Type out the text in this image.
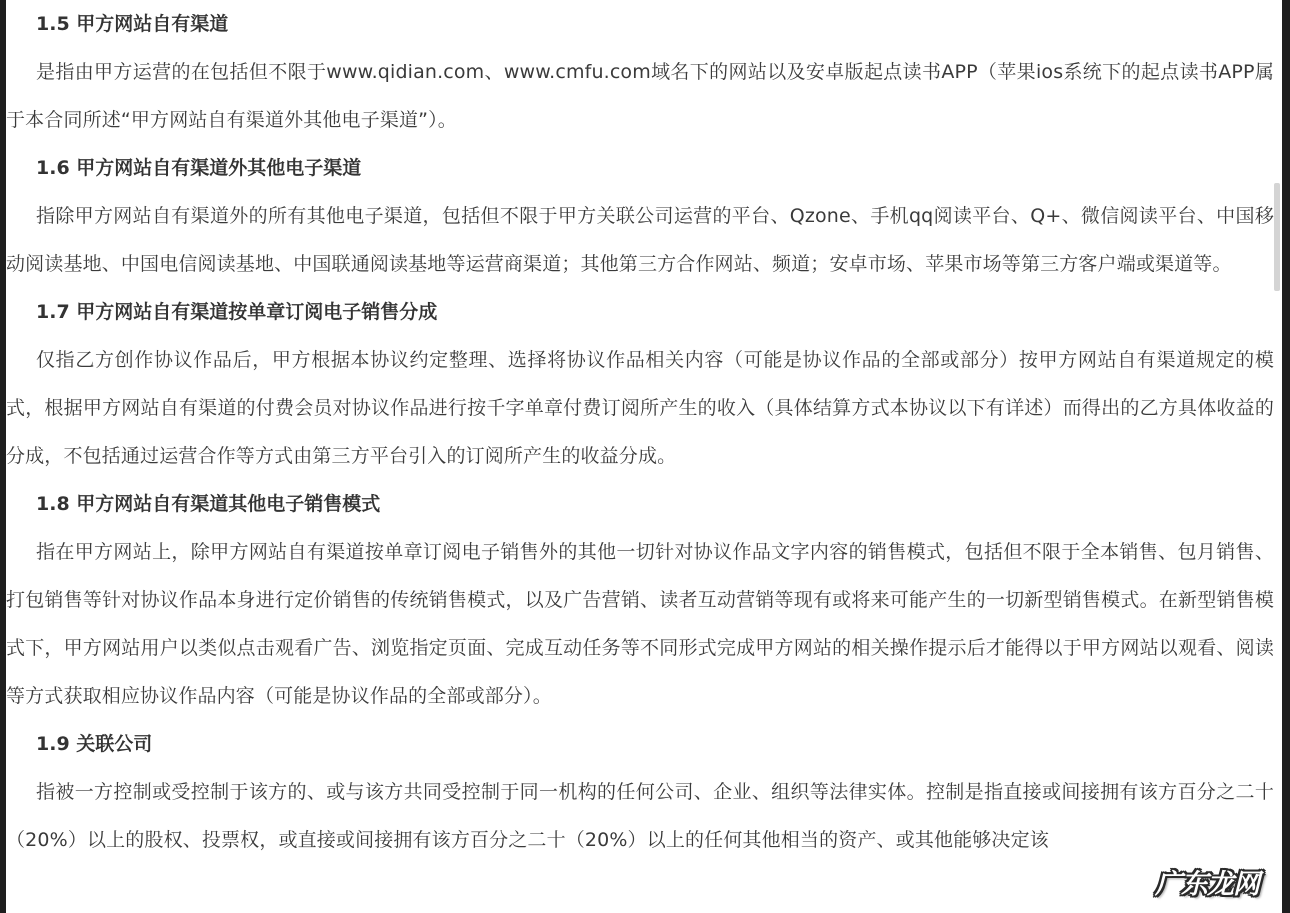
1.5 甲方网站自有渠道

是指由甲方运营的在包括但不限于www.qidian.com、www.cmfu.com域名下的网站以及安卓版起点读书APP（苹果ios系统下的起点读书APP属于本合同所述“甲方网站自有渠道外其他电子渠道”）。

1.6 甲方网站自有渠道外其他电子渠道

指除甲方网站自有渠道外的所有其他电子渠道，包括但不限于甲方关联公司运营的平台、Qzone、手机qq阅读平台、Q+、微信阅读平台、中国移动阅读基地、中国电信阅读基地、中国联通阅读基地等运营商渠道；其他第三方合作网站、频道；安卓市场、苹果市场等第三方客户端或渠道等。

1.7 甲方网站自有渠道按单章订阅电子销售分成

仅指乙方创作协议作品后，甲方根据本协议约定整理、选择将协议作品相关内容（可能是协议作品的全部或部分）按甲方网站自有渠道规定的模式，根据甲方网站自有渠道的付费会员对协议作品进行按千字单章付费订阅所产生的收入（具体结算方式本协议以下有详述）而得出的乙方具体收益的分成，不包括通过运营合作等方式由第三方平台引入的订阅所产生的收益分成。

1.8 甲方网站自有渠道其他电子销售模式

指在甲方网站上，除甲方网站自有渠道按单章订阅电子销售外的其他一切针对协议作品文字内容的销售模式，包括但不限于全本销售、包月销售、打包销售等针对协议作品本身进行定价销售的传统销售模式，以及广告营销、读者互动营销等现有或将来可能产生的一切新型销售模式。在新型销售模式下，甲方网站用户以类似点击观看广告、浏览指定页面、完成互动任务等不同形式完成甲方网站的相关操作提示后才能得以于甲方网站以观看、阅读等方式获取相应协议作品内容（可能是协议作品的全部或部分）。

1.9 关联公司

指被一方控制或受控制于该方的、或与该方共同受控制于同一机构的任何公司、企业、组织等法律实体。控制是指直接或间接拥有该方百分之二十（20%）以上的股权、投票权，或直接或间接拥有该方百分之二十（20%）以上的任何其他相当的资产、或其他能够决定该

广东龙网
